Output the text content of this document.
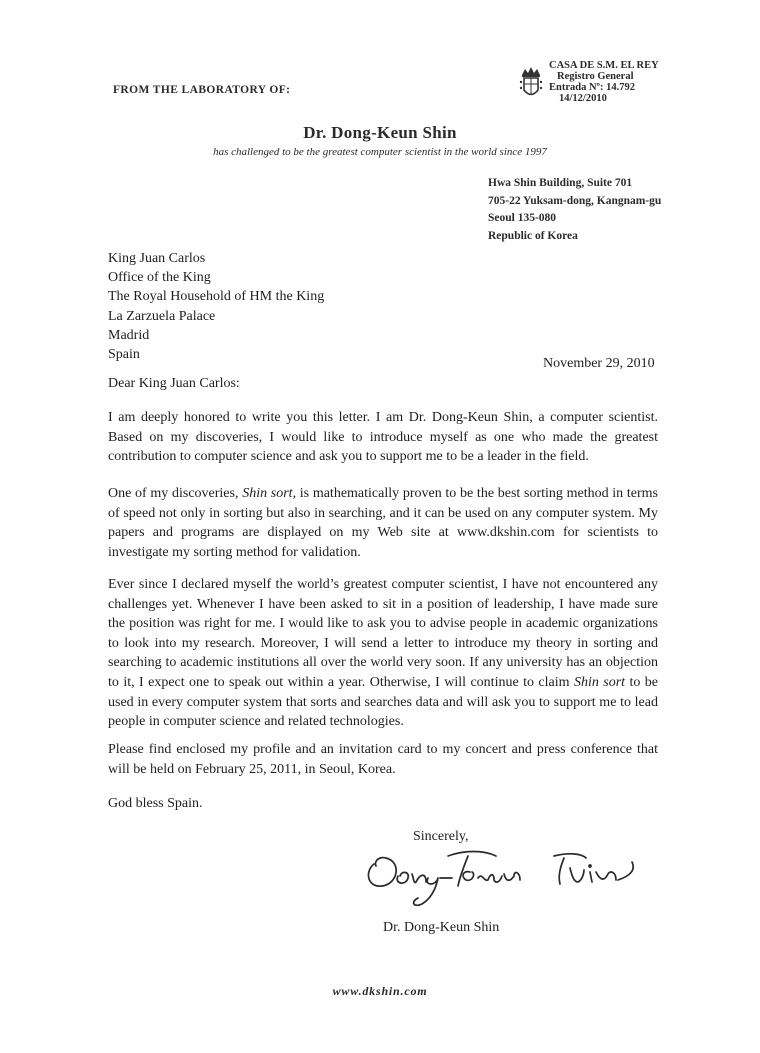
FROM THE LABORATORY OF:
CASA DE S.M. EL REY
Registro General
Entrada Nº: 14.792
14/12/2010
Dr. Dong-Keun Shin
has challenged to be the greatest computer scientist in the world since 1997
Hwa Shin Building, Suite 701
705-22 Yuksam-dong, Kangnam-gu
Seoul 135-080
Republic of Korea
King Juan Carlos
Office of the King
The Royal Household of HM the King
La Zarzuela Palace
Madrid
Spain
November 29, 2010
Dear King Juan Carlos:
I am deeply honored to write you this letter. I am Dr. Dong-Keun Shin, a computer scientist. Based on my discoveries, I would like to introduce myself as one who made the greatest contribution to computer science and ask you to support me to be a leader in the field.
One of my discoveries, Shin sort, is mathematically proven to be the best sorting method in terms of speed not only in sorting but also in searching, and it can be used on any computer system. My papers and programs are displayed on my Web site at www.dkshin.com for scientists to investigate my sorting method for validation.
Ever since I declared myself the world’s greatest computer scientist, I have not encountered any challenges yet. Whenever I have been asked to sit in a position of leadership, I have made sure the position was right for me. I would like to ask you to advise people in academic organizations to look into my research. Moreover, I will send a letter to introduce my theory in sorting and searching to academic institutions all over the world very soon. If any university has an objection to it, I expect one to speak out within a year. Otherwise, I will continue to claim Shin sort to be used in every computer system that sorts and searches data and will ask you to support me to lead people in computer science and related technologies.
Please find enclosed my profile and an invitation card to my concert and press conference that will be held on February 25, 2011, in Seoul, Korea.
God bless Spain.
Sincerely,
Dr. Dong-Keun Shin
www.dkshin.com
